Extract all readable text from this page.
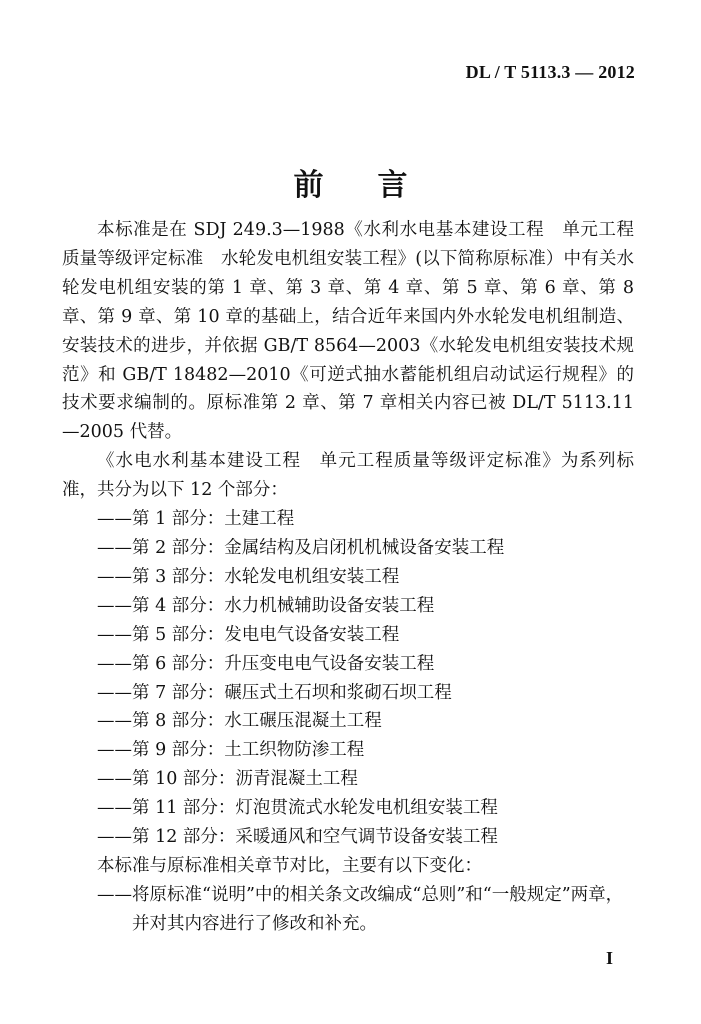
DL / T 5113.3 — 2012
前言

本标准是在 SDJ 249.3—1988《水利水电基本建设工程　单元工程质量等级评定标准　水轮发电机组安装工程》(以下简称原标准）中有关水轮发电机组安装的第 1 章、第 3 章、第 4 章、第 5 章、第 6 章、第 8 章、第 9 章、第 10 章的基础上，结合近年来国内外水轮发电机组制造、安装技术的进步，并依据 GB/T 8564—2003《水轮发电机组安装技术规范》和 GB/T 18482—2010《可逆式抽水蓄能机组启动试运行规程》的技术要求编制的。原标准第 2 章、第 7 章相关内容已被 DL/T 5113.11—2005 代替。

《水电水利基本建设工程　单元工程质量等级评定标准》为系列标准，共分为以下 12 个部分：

——第 1 部分：土建工程
——第 2 部分：金属结构及启闭机机械设备安装工程
——第 3 部分：水轮发电机组安装工程
——第 4 部分：水力机械辅助设备安装工程
——第 5 部分：发电电气设备安装工程
——第 6 部分：升压变电电气设备安装工程
——第 7 部分：碾压式土石坝和浆砌石坝工程
——第 8 部分：水工碾压混凝土工程
——第 9 部分：土工织物防渗工程
——第 10 部分：沥青混凝土工程
——第 11 部分：灯泡贯流式水轮发电机组安装工程
——第 12 部分：采暖通风和空气调节设备安装工程

本标准与原标准相关章节对比，主要有以下变化：

——将原标准“说明”中的相关条文改编成“总则”和“一般规定”两章，并对其内容进行了修改和补充。

I
